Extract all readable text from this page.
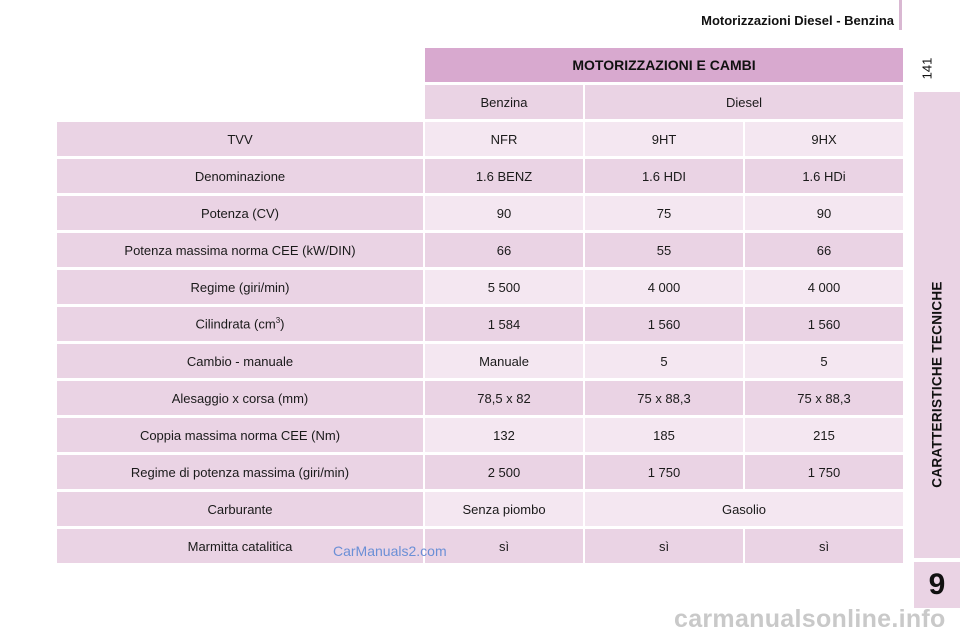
Motorizzazioni Diesel - Benzina
141
CARATTERISTICHE TECNICHE
9
	MOTORIZZAZIONI E CAMBI		
	Benzina	Diesel	
TVV	NFR	9HT	9HX
Denominazione	1.6 BENZ	1.6 HDI	1.6 HDi
Potenza (CV)	90	75	90
Potenza massima norma CEE (kW/DIN)	66	55	66
Regime (giri/min)	5 500	4 000	4 000
Cilindrata $(cm^3)$	1 584	1 560	1 560
Cambio - manuale	Manuale	5	5
Alesaggio x corsa (mm)	78,5 x 82	75 x 88,3	75 x 88,3
Coppia massima norma CEE (Nm)	132	185	215
Regime di potenza massima (giri/min)	2 500	1 750	1 750
Carburante	Senza piombo	Gasolio	
Marmitta catalitica	sì	sì	sì
CarManuals2.com
carmanualsonline.info
